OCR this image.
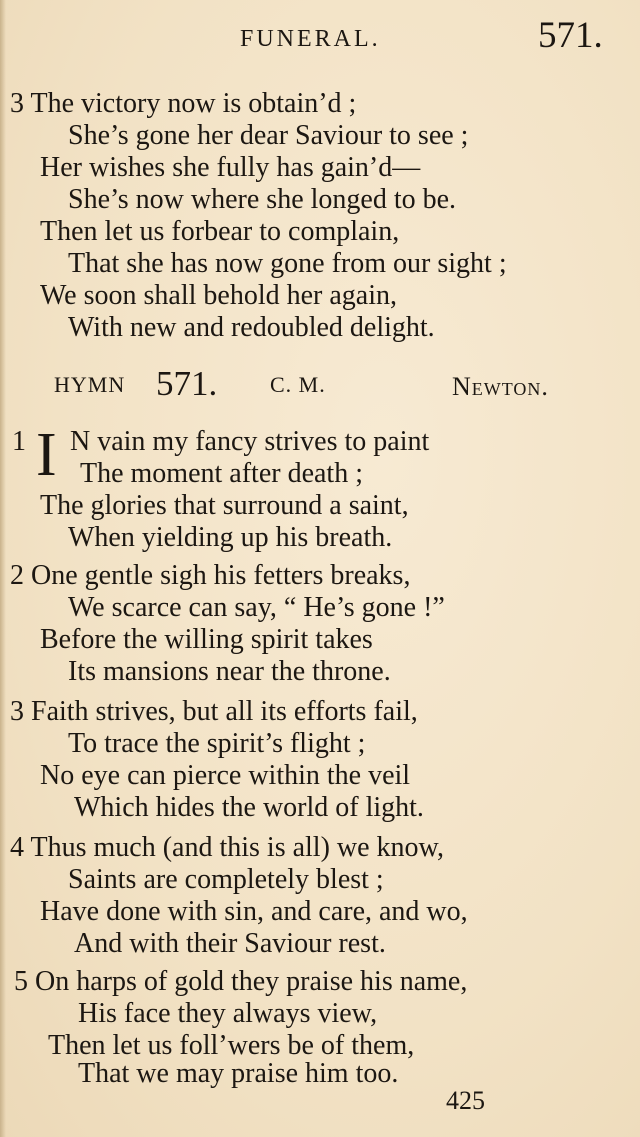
FUNERAL.	571.
3 The victory now is obtain’d ;
She’s gone her dear Saviour to see ;
Her wishes she fully has gain’d—
She’s now where she longed to be.
Then let us forbear to complain,
That she has now gone from our sight ;
We soon shall behold her again,
With new and redoubled delight.
HYMN 571. C. M.	Newton.
1 I N vain my fancy strives to paint
The moment after death ;
The glories that surround a saint,
When yielding up his breath.
2 One gentle sigh his fetters breaks,
We scarce can say, “ He’s gone !”
Before the willing spirit takes
Its mansions near the throne.
3 Faith strives, but all its efforts fail,
To trace the spirit’s flight ;
No eye can pierce within the veil
Which hides the world of light.
4 Thus much (and this is all) we know,
Saints are completely blest ;
Have done with sin, and care, and wo,
And with their Saviour rest.
5 On harps of gold they praise his name,
His face they always view,
Then let us foll’wers be of them,
That we may praise him too.
425
